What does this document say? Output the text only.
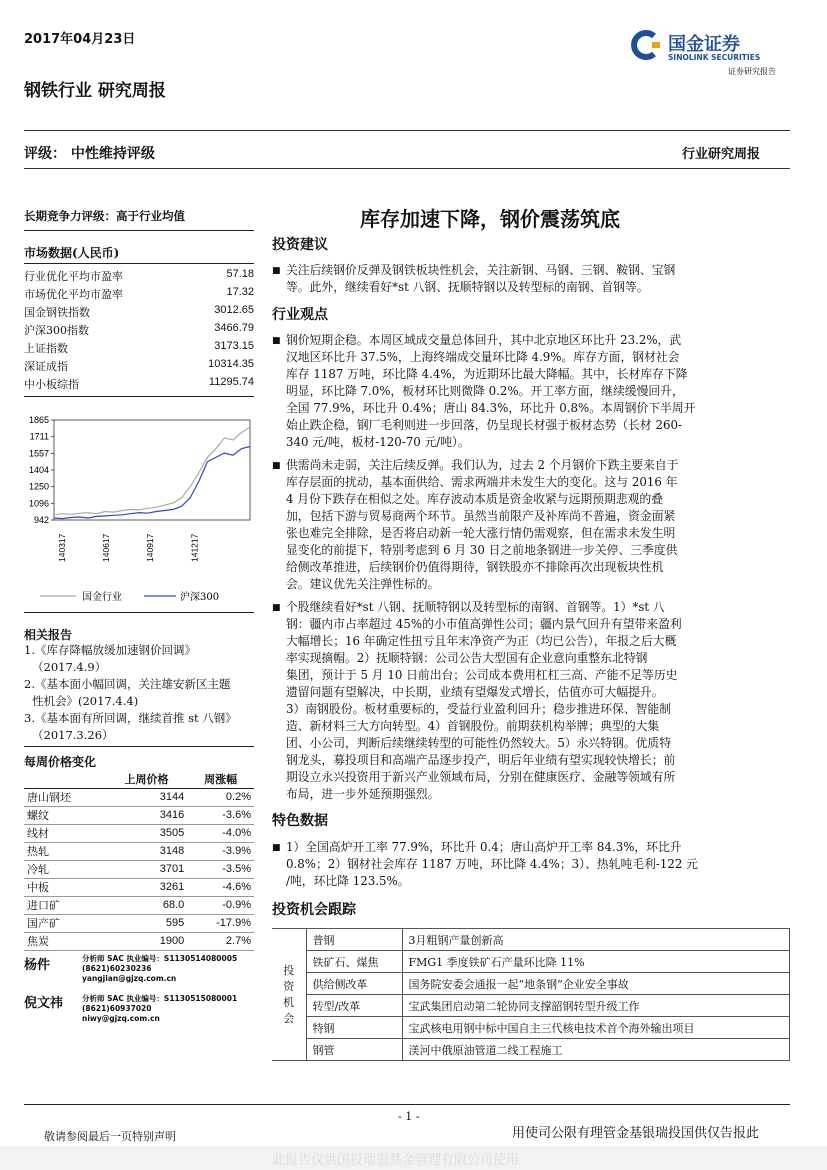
2017年04月23日
钢铁行业 研究周报
国金证券
SINOLINK SECURITIES
证券研究报告
评级： 中性维持评级	行业研究周报
长期竞争力评级：高于行业均值
市场数据(人民币)
行业优化平均市盈率	57.18
市场优化平均市盈率	17.32
国金钢铁指数	3012.65
沪深300指数	3466.79
上证指数	3173.15
深证成指	10314.35
中小板综指	11295.74
1865
1711
1557
1404
1250
1096
942
140317	140617	140917	141217
国金行业	沪深300
相关报告
1.《库存降幅放缓加速钢价回调》
（2017.4.9）
2.《基本面小幅回调，关注雄安新区主题
性机会》(2017.4.4)
3.《基本面有所回调，继续首推 st 八钢》
（2017.3.26）
每周价格变化
	上周价格	周涨幅
唐山钢坯	3144	0.2%
螺纹	3416	-3.6%
线材	3505	-4.0%
热轧	3148	-3.9%
冷轧	3701	-3.5%
中板	3261	-4.6%
进口矿	68.0	-0.9%
国产矿	595	-17.9%
焦炭	1900	2.7%
杨件	分析师 SAC 执业编号：S1130514080005
(8621)60230236
yangjian@gjzq.com.cn
倪文祎	分析师 SAC 执业编号：S1130515080001
(8621)60937020
niwy@gjzq.com.cn
库存加速下降，钢价震荡筑底
投资建议
■ 关注后续钢价反弹及钢铁板块性机会，关注新钢、马钢、三钢、鞍钢、宝钢
等。此外，继续看好*st 八钢、抚顺特钢以及转型标的南钢、首钢等。
行业观点
■ 钢价短期企稳。本周区域成交量总体回升，其中北京地区环比升 23.2%，武
汉地区环比升 37.5%，上海终端成交量环比降 4.9%。库存方面，钢材社会
库存 1187 万吨，环比降 4.4%，为近期环比最大降幅。其中，长材库存下降
明显，环比降 7.0%，板材环比则微降 0.2%。开工率方面，继续缓慢回升，
全国 77.9%，环比升 0.4%；唐山 84.3%，环比升 0.8%。本周钢价下半周开
始止跌企稳，钢厂毛利则进一步回落，仍呈现长材强于板材态势（长材 260-
340 元/吨，板材-120-70 元/吨）。
■ 供需尚未走弱，关注后续反弹。我们认为，过去 2 个月钢价下跌主要来自于
库存层面的扰动，基本面供给、需求两端并未发生大的变化。这与 2016 年
4 月份下跌存在相似之处。库存波动本质是资金收紧与远期预期悲观的叠
加，包括下游与贸易商两个环节。虽然当前限产及补库尚不普遍，资金面紧
张也难完全排除，是否将启动新一轮大涨行情仍需观察，但在需求未发生明
显变化的前提下，特别考虑到 6 月 30 日之前地条钢进一步关停、三季度供
给侧改革推进，后续钢价仍值得期待，钢铁股亦不排除再次出现板块性机
会。建议优先关注弹性标的。
■ 个股继续看好*st 八钢、抚顺特钢以及转型标的南钢、首钢等。1）*st 八
钢：疆内市占率超过 45%的小市值高弹性公司；疆内景气回升有望带来盈利
大幅增长；16 年确定性扭亏且年末净资产为正（均已公告），年报之后大概
率实现摘帽。2）抚顺特钢：公司公告大型国有企业意向重整东北特钢
集团，预计于 5 月 10 日前出台；公司成本费用杠杠三高、产能不足等历史
遗留问题有望解决，中长期，业绩有望爆发式增长，估值亦可大幅提升。
3）南钢股份。板材重要标的，受益行业盈利回升；稳步推进环保、智能制
造、新材料三大方向转型。4）首钢股份。前期获机构举牌；典型的大集
团、小公司，判断后续继续转型的可能性仍然较大。5）永兴特钢。优质特
钢龙头，募投项目和高端产品逐步投产，明后年业绩有望实现较快增长；前
期设立永兴投资用于新兴产业领域布局，分别在健康医疗、金融等领域有所
布局，进一步外延预期强烈。
特色数据
■ 1）全国高炉开工率 77.9%，环比升 0.4；唐山高炉开工率 84.3%，环比升
0.8%；2）钢材社会库存 1187 万吨，环比降 4.4%；3）、热轧吨毛利-122 元
/吨，环比降 123.5%。
投资机会跟踪
投资机会	普钢	3月粗钢产量创新高
	铁矿石、煤焦	FMG1 季度铁矿石产量环比降 11%
	供给侧改革	国务院安委会通报一起“地条钢”企业安全事故
	转型/改革	宝武集团启动第二轮协同支撑韶钢转型升级工作
	特钢	宝武核电用钢中标中国自主三代核电技术首个海外输出项目
	钢管	渼河中俄原油管道二线工程施工
- 1 -
敬请参阅最后一页特别声明	用使司公限有理管金基银瑞投国供仅告报此
此报告仅供国投瑞银基金管理有限公司使用
